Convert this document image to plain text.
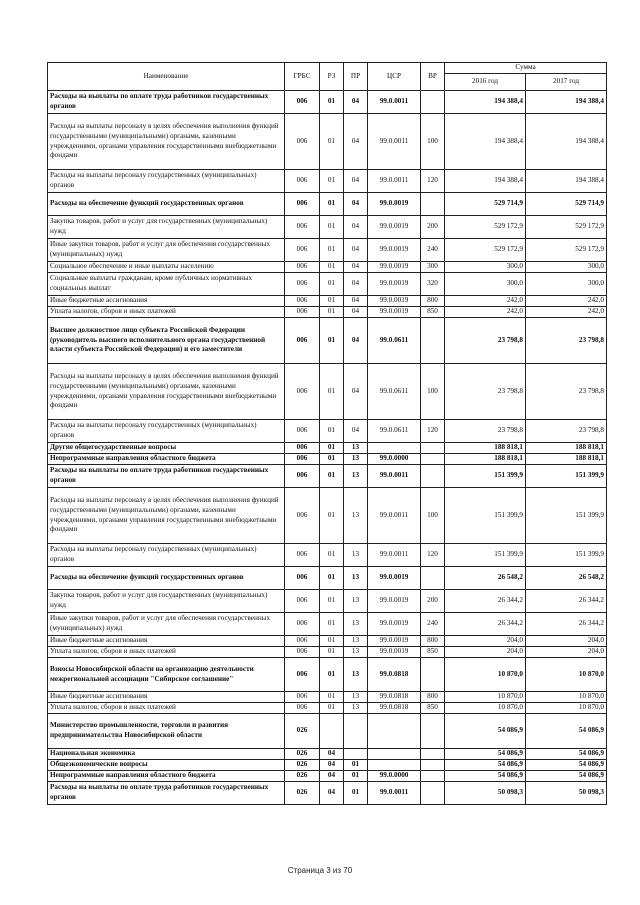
Наименование	ГРБС	РЗ	ПР	ЦСР	ВР	Сумма	
						2016 год	2017 год
Расходы на выплаты по оплате труда работников государственных органов	006	01	04	99.0.0011		194 388,4	194 388,4
Расходы на выплаты персоналу в целях обеспечения выполнения функций государственными (муниципальными) органами, казенными учреждениями, органами управления государственными внебюджетными фондами	006	01	04	99.0.0011	100	194 388,4	194 388,4
Расходы на выплаты персоналу государственных (муниципальных) органов	006	01	04	99.0.0011	120	194 388,4	194 388,4
Расходы на обеспечение функций государственных органов	006	01	04	99.0.0019		529 714,9	529 714,9
Закупка товаров, работ и услуг для государственных (муниципальных) нужд	006	01	04	99.0.0019	200	529 172,9	529 172,9
Иные закупки товаров, работ и услуг для обеспечения государственных (муниципальных) нужд	006	01	04	99.0.0019	240	529 172,9	529 172,9
Социальное обеспечение и иные выплаты населению	006	01	04	99.0.0019	300	300,0	300,0
Социальные выплаты гражданам, кроме публичных нормативных социальных выплат	006	01	04	99.0.0019	320	300,0	300,0
Иные бюджетные ассигнования	006	01	04	99.0.0019	800	242,0	242,0
Уплата налогов, сборов и иных платежей	006	01	04	99.0.0019	850	242,0	242,0
Высшее должностное лицо субъекта Российской Федерации (руководитель высшего исполнительного органа государственной власти субъекта Российской Федерации) и его заместители	006	01	04	99.0.0611		23 798,8	23 798,8
Расходы на выплаты персоналу в целях обеспечения выполнения функций государственными (муниципальными) органами, казенными учреждениями, органами управления государственными внебюджетными фондами	006	01	04	99.0.0611	100	23 798,8	23 798,8
Расходы на выплаты персоналу государственных (муниципальных) органов	006	01	04	99.0.0611	120	23 798,8	23 798,8
Другие общегосударственные вопросы	006	01	13			188 818,1	188 818,1
Непрограммные направления областного бюджета	006	01	13	99.0.0000		188 818,1	188 818,1
Расходы на выплаты по оплате труда работников государственных органов	006	01	13	99.0.0011		151 399,9	151 399,9
Расходы на выплаты персоналу в целях обеспечения выполнения функций государственными (муниципальными) органами, казенными учреждениями, органами управления государственными внебюджетными фондами	006	01	13	99.0.0011	100	151 399,9	151 399,9
Расходы на выплаты персоналу государственных (муниципальных) органов	006	01	13	99.0.0011	120	151 399,9	151 399,9
Расходы на обеспечение функций государственных органов	006	01	13	99.0.0019		26 548,2	26 548,2
Закупка товаров, работ и услуг для государственных (муниципальных) нужд	006	01	13	99.0.0019	200	26 344,2	26 344,2
Иные закупки товаров, работ и услуг для обеспечения государственных (муниципальных) нужд	006	01	13	99.0.0019	240	26 344,2	26 344,2
Иные бюджетные ассигнования	006	01	13	99.0.0019	800	204,0	204,0
Уплата налогов, сборов и иных платежей	006	01	13	99.0.0019	850	204,0	204,0
Взносы Новосибирской области на организацию деятельности межрегиональной ассоциации "Сибирское соглашение"	006	01	13	99.0.0818		10 870,0	10 870,0
Иные бюджетные ассигнования	006	01	13	99.0.0818	800	10 870,0	10 870,0
Уплата налогов, сборов и иных платежей	006	01	13	99.0.0818	850	10 870,0	10 870,0
Министерство промышленности, торговли и развития предпринимательства Новосибирской области	026					54 086,9	54 086,9
Национальная экономика	026	04				54 086,9	54 086,9
Общеэкономические вопросы	026	04	01			54 086,9	54 086,9
Непрограммные направления областного бюджета	026	04	01	99.0.0000		54 086,9	54 086,9
Расходы на выплаты по оплате труда работников государственных органов	026	04	01	99.0.0011		50 098,3	50 098,3
Страница 3 из 70
